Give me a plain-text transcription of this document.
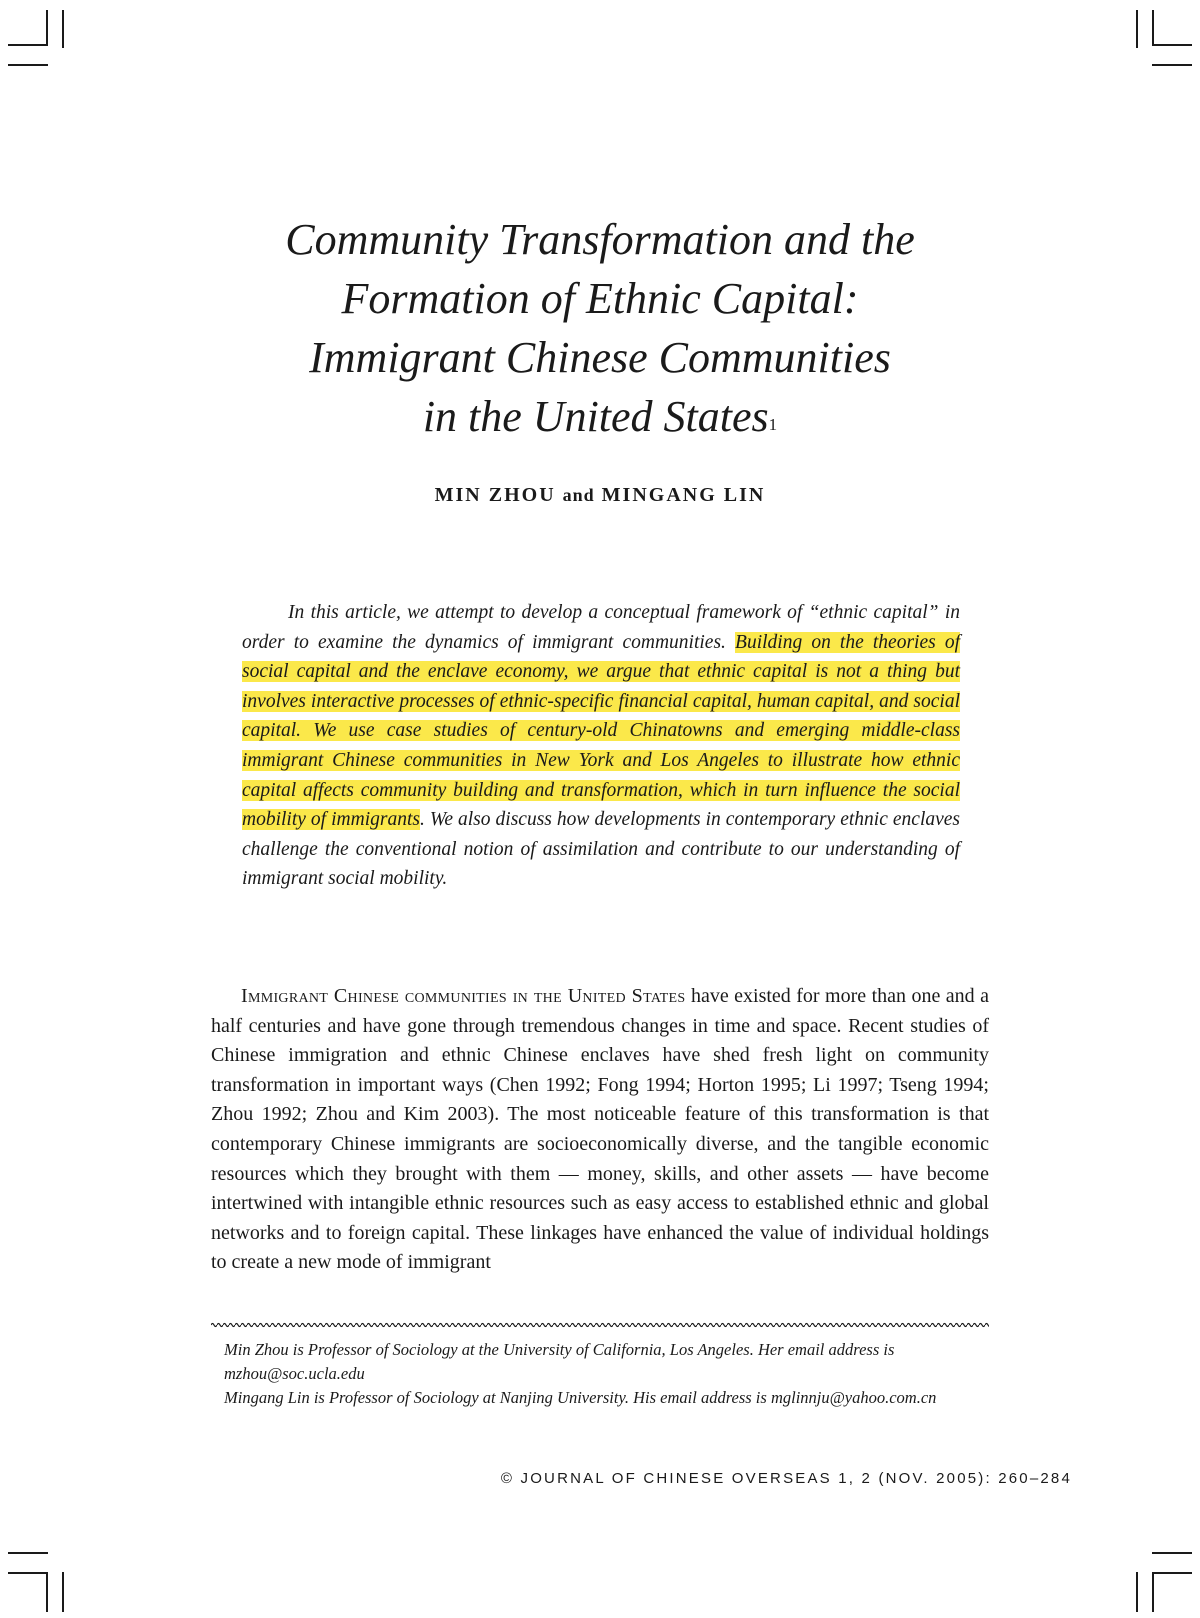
Community Transformation and the
Formation of Ethnic Capital:
Immigrant Chinese Communities
in the United States$^1$
MIN ZHOU and MINGANG LIN
In this article, we attempt to develop a conceptual framework of “ethnic capital” in order to examine the dynamics of immigrant communities. Building on the theories of social capital and the enclave economy, we argue that ethnic capital is not a thing but involves interactive processes of ethnic-specific financial capital, human capital, and social capital. We use case studies of century-old Chinatowns and emerging middle-class immigrant Chinese communities in New York and Los Angeles to illustrate how ethnic capital affects community building and transformation, which in turn influence the social mobility of immigrants. We also discuss how developments in contemporary ethnic enclaves challenge the conventional notion of assimilation and contribute to our understanding of immigrant social mobility.
Immigrant Chinese communities in the United States have existed for more than one and a half centuries and have gone through tremendous changes in time and space. Recent studies of Chinese immigration and ethnic Chinese enclaves have shed fresh light on community transformation in important ways (Chen 1992; Fong 1994; Horton 1995; Li 1997; Tseng 1994; Zhou 1992; Zhou and Kim 2003). The most noticeable feature of this transformation is that contemporary Chinese immigrants are socioeconomically diverse, and the tangible economic resources which they brought with them — money, skills, and other assets — have become intertwined with intangible ethnic resources such as easy access to established ethnic and global networks and to foreign capital. These linkages have enhanced the value of individual holdings to create a new mode of immigrant

Min Zhou is Professor of Sociology at the University of California, Los Angeles. Her email address is mzhou@soc.ucla.edu

Mingang Lin is Professor of Sociology at Nanjing University. His email address is mglinnju@yahoo.com.cn

© JOURNAL OF CHINESE OVERSEAS 1, 2 (NOV. 2005): 260–284
